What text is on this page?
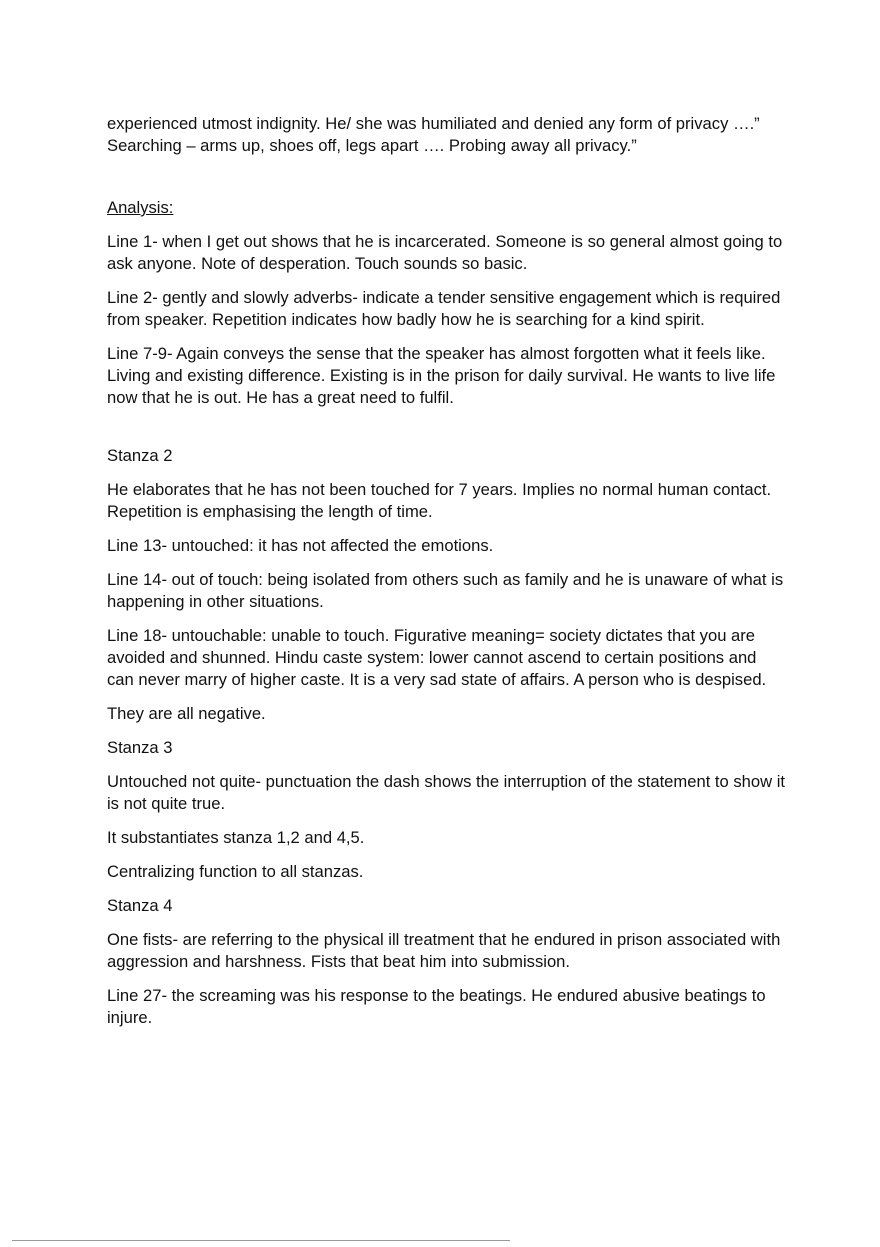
experienced utmost indignity. He/ she was humiliated and denied any form of privacy ….” Searching – arms up, shoes off, legs apart …. Probing away all privacy.”

Analysis:

Line 1- when I get out shows that he is incarcerated. Someone is so general almost going to ask anyone. Note of desperation. Touch sounds so basic.

Line 2- gently and slowly adverbs- indicate a tender sensitive engagement which is required from speaker. Repetition indicates how badly how he is searching for a kind spirit.

Line 7-9- Again conveys the sense that the speaker has almost forgotten what it feels like. Living and existing difference. Existing is in the prison for daily survival. He wants to live life now that he is out. He has a great need to fulfil.

Stanza 2

He elaborates that he has not been touched for 7 years. Implies no normal human contact. Repetition is emphasising the length of time.

Line 13- untouched: it has not affected the emotions.

Line 14- out of touch: being isolated from others such as family and he is unaware of what is happening in other situations.

Line 18- untouchable: unable to touch. Figurative meaning= society dictates that you are avoided and shunned. Hindu caste system: lower cannot ascend to certain positions and can never marry of higher caste. It is a very sad state of affairs. A person who is despised.

They are all negative.

Stanza 3

Untouched not quite- punctuation the dash shows the interruption of the statement to show it is not quite true.

It substantiates stanza 1,2 and 4,5.

Centralizing function to all stanzas.

Stanza 4

One fists- are referring to the physical ill treatment that he endured in prison associated with aggression and harshness. Fists that beat him into submission.

Line 27- the screaming was his response to the beatings. He endured abusive beatings to injure.
